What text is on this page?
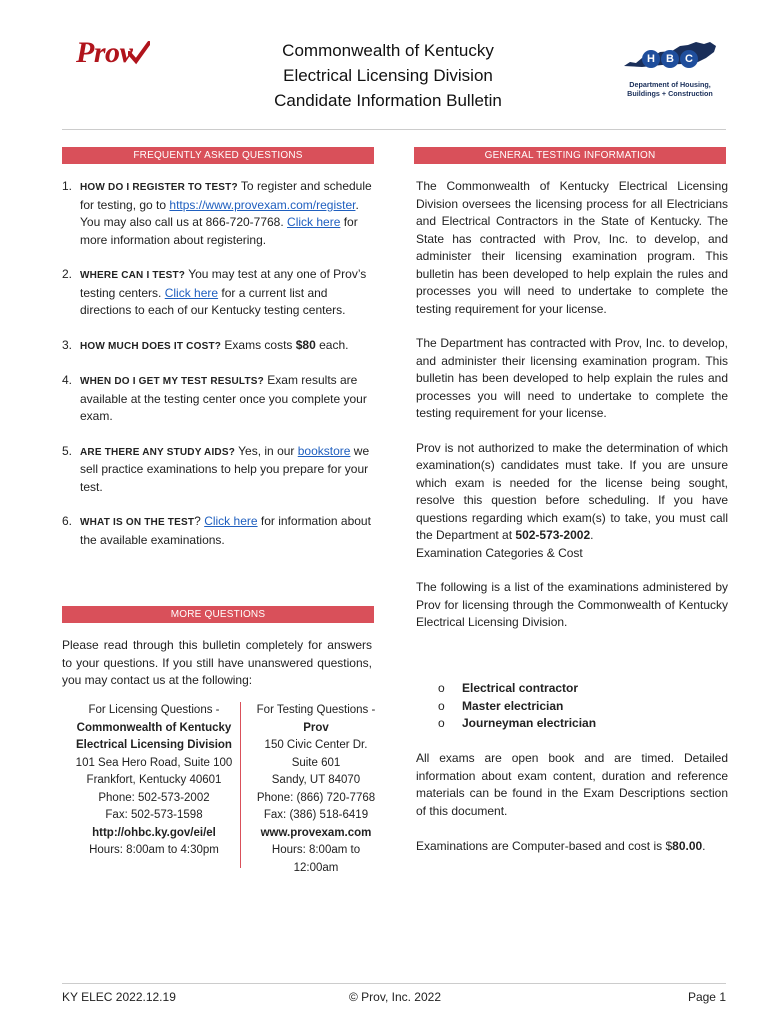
Prov	Commonwealth of Kentucky
Electrical Licensing Division
Candidate Information Bulletin
H B C
Department of Housing,
Buildings + Construction
FREQUENTLY ASKED QUESTIONS
1. HOW DO I REGISTER TO TEST? To register and schedule for testing, go to https://www.provexam.com/register. You may also call us at 866-720-7768. Click here for more information about registering.
2. WHERE CAN I TEST? You may test at any one of Prov’s testing centers. Click here for a current list and directions to each of our Kentucky testing centers.
3. HOW MUCH DOES IT COST? Exams costs $80 each.
4. WHEN DO I GET MY TEST RESULTS? Exam results are available at the testing center once you complete your exam.
5. ARE THERE ANY STUDY AIDS? Yes, in our bookstore we sell practice examinations to help you prepare for your test.
6. WHAT IS ON THE TEST? Click here for information about the available examinations.
MORE QUESTIONS
Please read through this bulletin completely for answers to your questions. If you still have unanswered questions, you may contact us at the following:
For Licensing Questions -
Commonwealth of Kentucky
Electrical Licensing Division
101 Sea Hero Road, Suite 100
Frankfort, Kentucky 40601
Phone: 502-573-2002
Fax: 502-573-1598
http://ohbc.ky.gov/ei/el
Hours: 8:00am to 4:30pm
For Testing Questions -
Prov
150 Civic Center Dr.
Suite 601
Sandy, UT 84070
Phone: (866) 720-7768
Fax: (386) 518-6419
www.provexam.com
Hours: 8:00am to
12:00am
GENERAL TESTING INFORMATION

The Commonwealth of Kentucky Electrical Licensing Division oversees the licensing process for all Electricians and Electrical Contractors in the State of Kentucky. The State has contracted with Prov, Inc. to develop, and administer their licensing examination program. This bulletin has been developed to help explain the rules and processes you will need to undertake to complete the testing requirement for your license.

The Department has contracted with Prov, Inc. to develop, and administer their licensing examination program. This bulletin has been developed to help explain the rules and processes you will need to undertake to complete the testing requirement for your license.

Prov is not authorized to make the determination of which examination(s) candidates must take. If you are unsure which exam is needed for the license being sought, resolve this question before scheduling. If you have questions regarding which exam(s) to take, you must call the Department at 502-573-2002.

Examination Categories & Cost

The following is a list of the examinations administered by Prov for licensing through the Commonwealth of Kentucky Electrical Licensing Division.

o Electrical contractor
o Master electrician
o Journeyman electrician
All exams are open book and are timed. Detailed information about exam content, duration and reference materials can be found in the Exam Descriptions section of this document.
Examinations are Computer-based and cost is $80.00.
KY ELEC 2022.12.19	© Prov, Inc. 2022	Page 1
